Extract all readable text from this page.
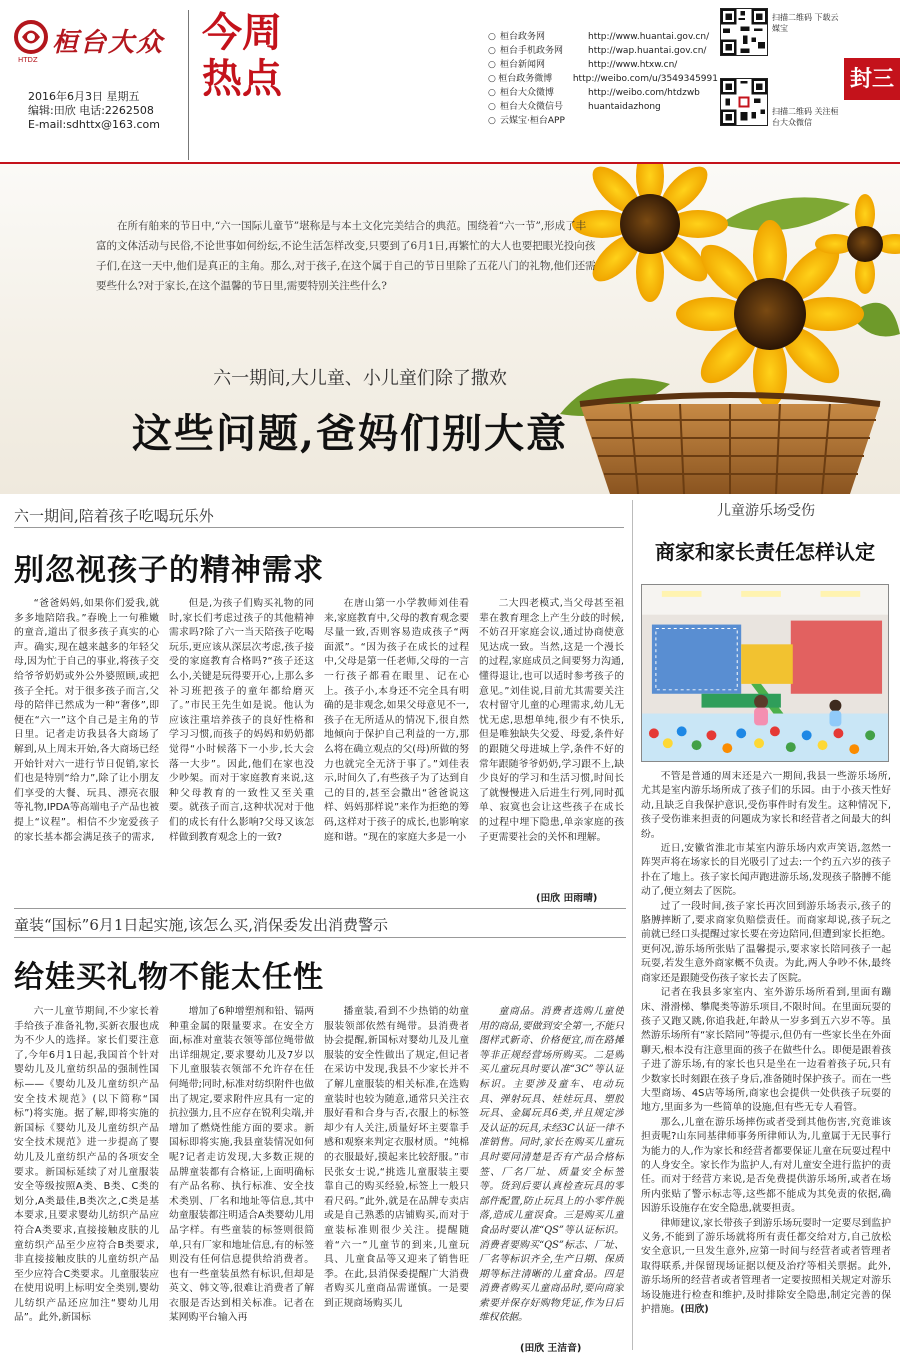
桓台大众
HTDZ
2016年6月3日 星期五
编辑:田欣 电话:2262508
E-mail:sdhttx@163.com
今周热点
○ 桓台政务网	http://www.huantai.gov.cn/
○ 桓台手机政务网	http://wap.huantai.gov.cn/
○ 桓台新闻网	http://www.htxw.cn/
○ 桓台政务微博	http://weibo.com/u/3549345991
○ 桓台大众微博	http://weibo.com/htdzwb
○ 桓台大众微信号	huantaidazhong
○ 云媒宝·桓台APP
扫描二维码 下载云媒宝
扫描二维码 关注桓台大众微信
封三
在所有舶来的节日中,“六一国际儿童节”堪称是与本土文化完美结合的典范。围绕着“六一节”,形成了丰富的文体活动与民俗,不论世事如何纷纭,不论生活怎样改变,只要到了6月1日,再繁忙的大人也要把眼光投向孩子们,在这一天中,他们是真正的主角。那么,对于孩子,在这个属于自己的节日里除了五花八门的礼物,他们还需要些什么?对于家长,在这个温馨的节日里,需要特别关注些什么?
六一期间,大儿童、小儿童们除了撒欢
这些问题,爸妈们别大意
六一期间,陪着孩子吃喝玩乐外
别忽视孩子的精神需求

“爸爸妈妈,如果你们爱我,就多多地陪陪我。”春晚上一句稚嫩的童音,道出了很多孩子真实的心声。确实,现在越来越多的年轻父母,因为忙于自己的事业,将孩子交给爷爷奶奶或外公外婆照顾,或把孩子全托。对于很多孩子而言,父母的陪伴已然成为一种“奢侈”,即便在“六一”这个自己是主角的节日里。记者走访我县各大商场了解到,从上周末开始,各大商场已经开始针对六一进行节日促销,家长们也是特别“给力”,除了让小朋友们享受的大餐、玩具、漂亮衣服等礼物,IPDA等高端电子产品也被提上“议程”。相信不少宠爱孩子的家长基本都会满足孩子的需求,

但是,为孩子们购买礼物的同时,家长们考虑过孩子的其他精神需求吗?除了六一当天陪孩子吃喝玩乐,更应该从深层次考虑,孩子接受的家庭教育合格吗?“孩子还这么小,关键是玩得要开心,上那么多补习班把孩子的童年都给磨灭了。”市民王先生如是说。他认为应该注重培养孩子的良好性格和学习习惯,而孩子的妈妈和奶奶都觉得“小时候落下一小步,长大会落一大步”。因此,他们在家也没少吵架。而对于家庭教育来说,这种父母教育的一致性又至关重要。就孩子而言,这种状况对于他们的成长有什么影响?父母又该怎样做到教育观念上的一致?

在唐山第一小学教师刘佳看来,家庭教育中,父母的教育观念要尽量一致,否则容易造成孩子“两面派”。“因为孩子在成长的过程中,父母是第一任老师,父母的一言一行孩子都看在眼里、记在心上。孩子小,本身还不完全具有明确的是非观念,如果父母意见不一,孩子在无所适从的情况下,很自然地倾向于保护自己利益的一方,那么将在确立观点的父(母)所做的努力也就完全无济于事了。”刘佳表示,时间久了,有些孩子为了达到自己的目的,甚至会撒出“爸爸说这样、妈妈那样说”来作为拒绝的筹码,这样对于孩子的成长,也影响家庭和谐。“现在的家庭大多是一小

二大四老模式,当父母甚至祖辈在教育理念上产生分歧的时候,不妨召开家庭会议,通过协商使意见达成一致。当然,这是一个漫长的过程,家庭成员之间要努力沟通,懂得退让,也可以适时参考孩子的意见。”刘佳说,目前尤其需要关注农村留守儿童的心理需求,幼儿无忧无虑,思想单纯,很少有不快乐,但是唯独缺失父爱、母爱,条件好的跟随父母进城上学,条件不好的常年跟随爷爷奶奶,学习跟不上,缺少良好的学习和生活习惯,时间长了就慢慢进入后进生行列,同时孤单、寂寞也会让这些孩子在成长的过程中埋下隐患,单亲家庭的孩子更需要社会的关怀和理解。

(田欣 田雨晴)
童装“国标”6月1日起实施,该怎么买,消保委发出消费警示
给娃买礼物不能太任性

六一儿童节期间,不少家长着手给孩子准备礼物,买新衣服也成为不少人的选择。家长们要注意了,今年6月1日起,我国首个针对婴幼儿及儿童纺织品的强制性国标——《婴幼儿及儿童纺织产品安全技术规范》(以下简称“国标”)将实施。据了解,即将实施的新国标《婴幼儿及儿童纺织产品安全技术规范》进一步提高了婴幼儿及儿童纺织产品的各项安全要求。新国标延续了对儿童服装安全等级按照A类、B类、C类的划分,A类最佳,B类次之,C类是基本要求,且要求婴幼儿纺织产品应符合A类要求,直接接触皮肤的儿童纺织产品至少应符合B类要求,非直接接触皮肤的儿童纺织产品至少应符合C类要求。儿童服装应在使用说明上标明安全类别,婴幼儿纺织产品还应加注“婴幼儿用品”。此外,新国标

增加了6种增塑剂和铅、镉两种重金属的限量要求。在安全方面,标准对童装衣领等部位绳带做出详细规定,要求婴幼儿及7岁以下儿童服装衣领部不允许存在任何绳带;同时,标准对纺织附件也做出了规定,要求附件应具有一定的抗拉强力,且不应存在锐利尖端,并增加了燃烧性能方面的要求。新国标即将实施,我县童装情况如何呢?记者走访发现,大多数正规的品牌童装都有合格证,上面明确标有产品名称、执行标准、安全技术类别、厂名和地址等信息,其中幼童服装都注明适合A类婴幼儿用品字样。有些童装的标签则很简单,只有厂家和地址信息,有的标签则没有任何信息提供给消费者。也有一些童装虽然有标识,但却是英文、韩文等,很难让消费者了解衣服是否达到相关标准。记者在某网购平台输入再

播童装,看到不少热销的幼童服装领部依然有绳带。县消费者协会提醒,新国标对婴幼儿及儿童服装的安全性做出了规定,但记者在采访中发现,我县不少家长并不了解儿童服装的相关标准,在选购童装时也较为随意,通常只关注衣服好看和合身与否,衣服上的标签却少有人关注,质量好坏主要靠手感和观察来判定衣服材质。“纯棉的衣服最好,摸起来比较舒服。”市民张女士说,“挑选儿童服装主要靠自己的购买经验,标签上一般只看尺码。”此外,就是在品牌专卖店或是自己熟悉的店铺购买,而对于童装标准则很少关注。提醒随着“六一”儿童节的到来,儿童玩具、儿童食品等又迎来了销售旺季。在此,县消保委提醒广大消费者购买儿童商品需谨慎。一是要到正规商场购买儿

童商品。消费者选购儿童使用的商品,要做到安全第一,不能只图样式新奇、价格便宜,而在路摊等非正规经营场所购买。二是购买儿童玩具时要认准“3C”等认证标识。主要涉及童车、电动玩具、弹射玩具、娃娃玩具、塑胶玩具、金属玩具6类,并且规定涉及认证的玩具,未经3C认证一律不准销售。同时,家长在购买儿童玩具时要同清楚是否有产品合格标签、厂名厂址、质量安全标签等。货到后要认真检查玩具的零部件配置,防止玩具上的小零件脱落,造成儿童误食。三是购买儿童食品时要认准“QS”等认证标识。消费者要购买“QS”标志、厂址、厂名等标识齐全,生产日期、保质期等标注清晰的儿童食品。四是消费者购买儿童商品时,要向商家索要并保存好购物凭证,作为日后维权依据。

(田欣 王洁音)
儿童游乐场受伤
商家和家长责任怎样认定

不管是普通的周末还是六一期间,我县一些游乐场所,尤其是室内游乐场所成了孩子们的乐园。由于小孩天性好动,且缺乏自我保护意识,受伤事件时有发生。这种情况下,孩子受伤谁来担责的问题成为家长和经营者之间最大的纠纷。

近日,安徽省淮北市某室内游乐场内欢声笑语,忽然一阵哭声将在场家长的目光吸引了过去:一个约五六岁的孩子扑在了地上。孩子家长闻声跑进游乐场,发现孩子胳膊不能动了,便立刻去了医院。

过了一段时间,孩子家长再次回到游乐场表示,孩子的胳膊摔断了,要求商家负赔偿责任。而商家却说,孩子玩之前就已经口头提醒过家长要在旁边陪同,但遭到家长拒绝。更何况,游乐场所张贴了温馨提示,要求家长陪同孩子一起玩耍,若发生意外商家概不负责。为此,两人争吵不休,最终商家还是跟随受伤孩子家长去了医院。

记者在我县多家室内、室外游乐场所看到,里面有蹦床、滑滑梯、攀爬类等游乐项目,不限时间。在里面玩耍的孩子又跑又跳,你追我赶,年龄从一岁多到五六岁不等。虽然游乐场所有“家长陪同”等提示,但仍有一些家长坐在外面聊天,根本没有注意里面的孩子在做些什么。即便是跟着孩子进了游乐场,有的家长也只是坐在一边看着孩子玩,只有少数家长时刻跟在孩子身后,准备随时保护孩子。而在一些大型商场、4S店等场所,商家也会提供一处供孩子玩耍的地方,里面多为一些简单的设施,但有些无专人看管。

那么,儿童在游乐场摔伤或者受到其他伤害,究竟谁该担责呢?山东同基律师事务所律师认为,儿童属于无民事行为能力的人,作为家长和经营者都要保证儿童在玩耍过程中的人身安全。家长作为监护人,有对儿童安全进行监护的责任。而对于经营方来说,是否免费提供游乐场所,或者在场所内张贴了警示标志等,这些都不能成为其免责的依据,确因游乐设施存在安全隐患,就要担责。

律师建议,家长带孩子到游乐场玩耍时一定要尽到监护义务,不能到了游乐场就将所有责任都交给对方,自己放松安全意识,一旦发生意外,应第一时间与经营者或者管理者取得联系,并保留现场证据以便及治疗等相关票据。此外,游乐场所的经营者或者管理者一定要按照相关规定对游乐场设施进行检查和维护,及时排除安全隐患,制定完善的保护措施。(田欣)
